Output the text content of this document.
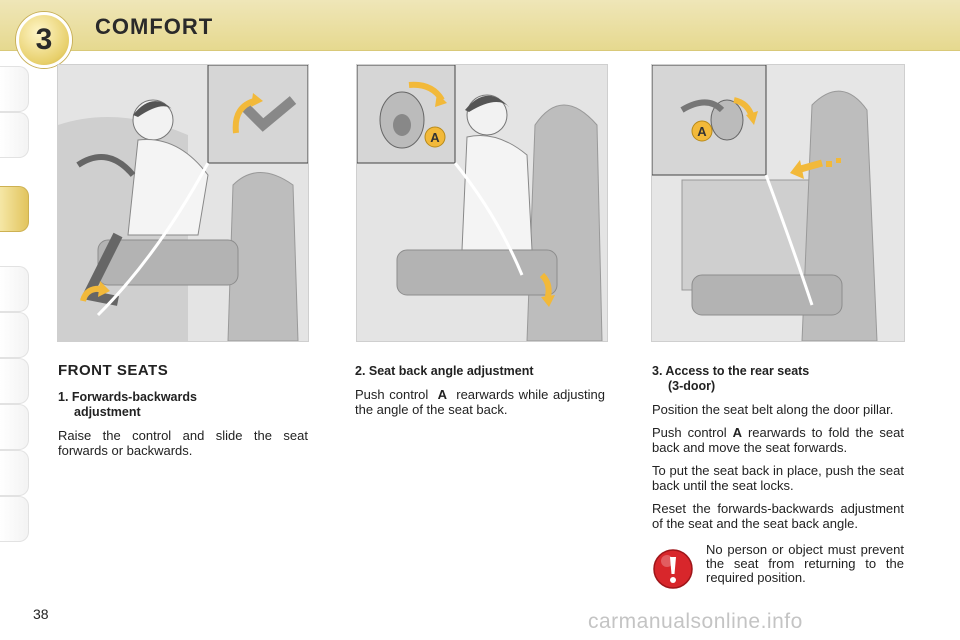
3	COMFORT
A	A
FRONT SEATS
1. Forwards-backwards
adjustment

Raise the control and slide the seat forwards or backwards.

2. Seat back angle adjustment

Push control A rearwards while adjusting the angle of the seat back.

3. Access to the rear seats
(3-door)

Position the seat belt along the door pillar.

Push control A rearwards to fold the seat back and move the seat forwards.

To put the seat back in place, push the seat back until the seat locks.

Reset the forwards-backwards adjustment of the seat and the seat back angle.

No person or object must prevent the seat from returning to the required position.
38	carmanualsonline.info
